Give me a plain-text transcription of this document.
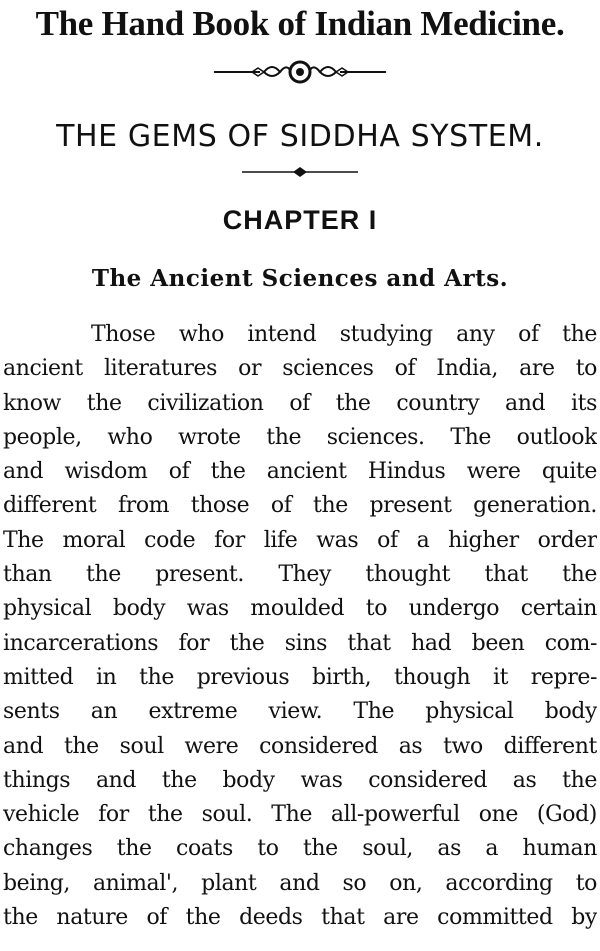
The Hand Book of Indian Medicine.
THE GEMS OF SIDDHA SYSTEM.
CHAPTER I
The Ancient Sciences and Arts.
Those who intend studying any of the
ancient literatures or sciences of India, are to
know the civilization of the country and its
people, who wrote the sciences. The outlook
and wisdom of the ancient Hindus were quite
different from those of the present generation.
The moral code for life was of a higher order
than the present. They thought that the
physical body was moulded to undergo certain
incarcerations for the sins that had been com-
mitted in the previous birth, though it repre-
sents an extreme view. The physical body
and the soul were considered as two different
things and the body was considered as the
vehicle for the soul. The all-powerful one (God)
changes the coats to the soul, as a human
being, animal', plant and so on, according to
the nature of the deeds that are committed by
